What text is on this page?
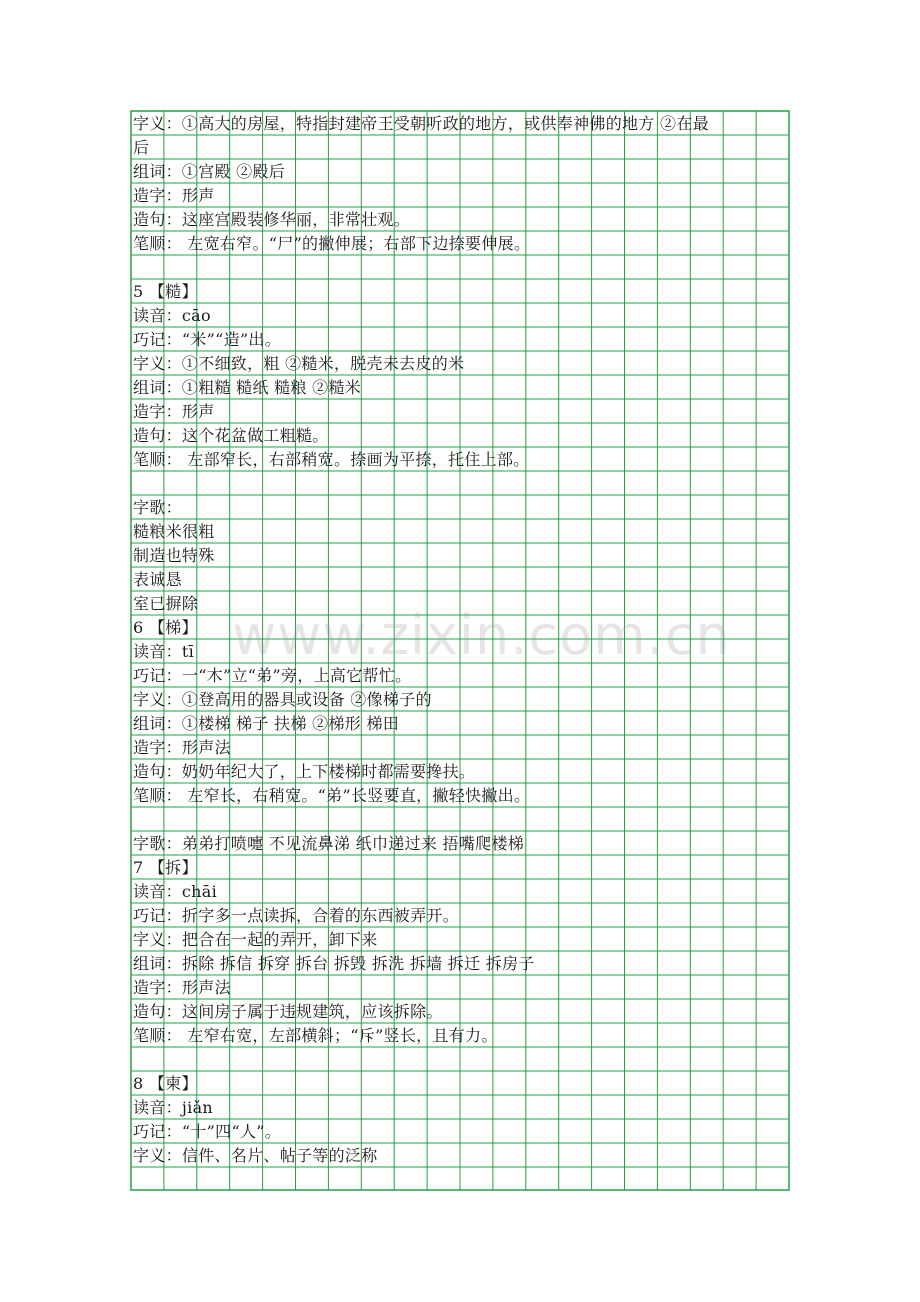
字义：①高大的房屋，特指封建帝王受朝听政的地方，或供奉神佛的地方 ②在最
后
组词：①宫殿 ②殿后
造字：形声
造句：这座宫殿装修华丽，非常壮观。
笔顺： 左宽右窄。“尸”的撇伸展；右部下边捺要伸展。
5 【糙】
读音：cāo
巧记：“米”“造”出。
字义：①不细致，粗 ②糙米，脱壳未去皮的米
组词：①粗糙 糙纸 糙粮 ②糙米
造字：形声
造句：这个花盆做工粗糙。
笔顺： 左部窄长，右部稍宽。捺画为平捺，托住上部。
字歌：
糙粮米很粗
制造也特殊
表诚恳
室已摒除
6 【梯】
读音：tī
巧记：一“木”立“弟”旁，上高它帮忙。
字义：①登高用的器具或设备 ②像梯子的
组词：①楼梯 梯子 扶梯 ②梯形 梯田
造字：形声法
造句：奶奶年纪大了，上下楼梯时都需要搀扶。
笔顺： 左窄长，右稍宽。“弟”长竖要直，撇轻快撇出。
字歌：弟弟打喷嚏 不见流鼻涕 纸巾递过来 捂嘴爬楼梯
7 【拆】
读音：chāi
巧记：折字多一点读拆，合着的东西被弄开。
字义：把合在一起的弄开，卸下来
组词：拆除 拆信 拆穿 拆台 拆毁 拆洗 拆墙 拆迁 拆房子
造字：形声法
造句：这间房子属于违规建筑，应该拆除。
笔顺： 左窄右宽，左部横斜；“斥”竖长，且有力。
8 【柬】
读音：jiǎn
巧记：“十”四“人”。
字义：信件、名片、帖子等的泛称
www.zixin.com.cn
